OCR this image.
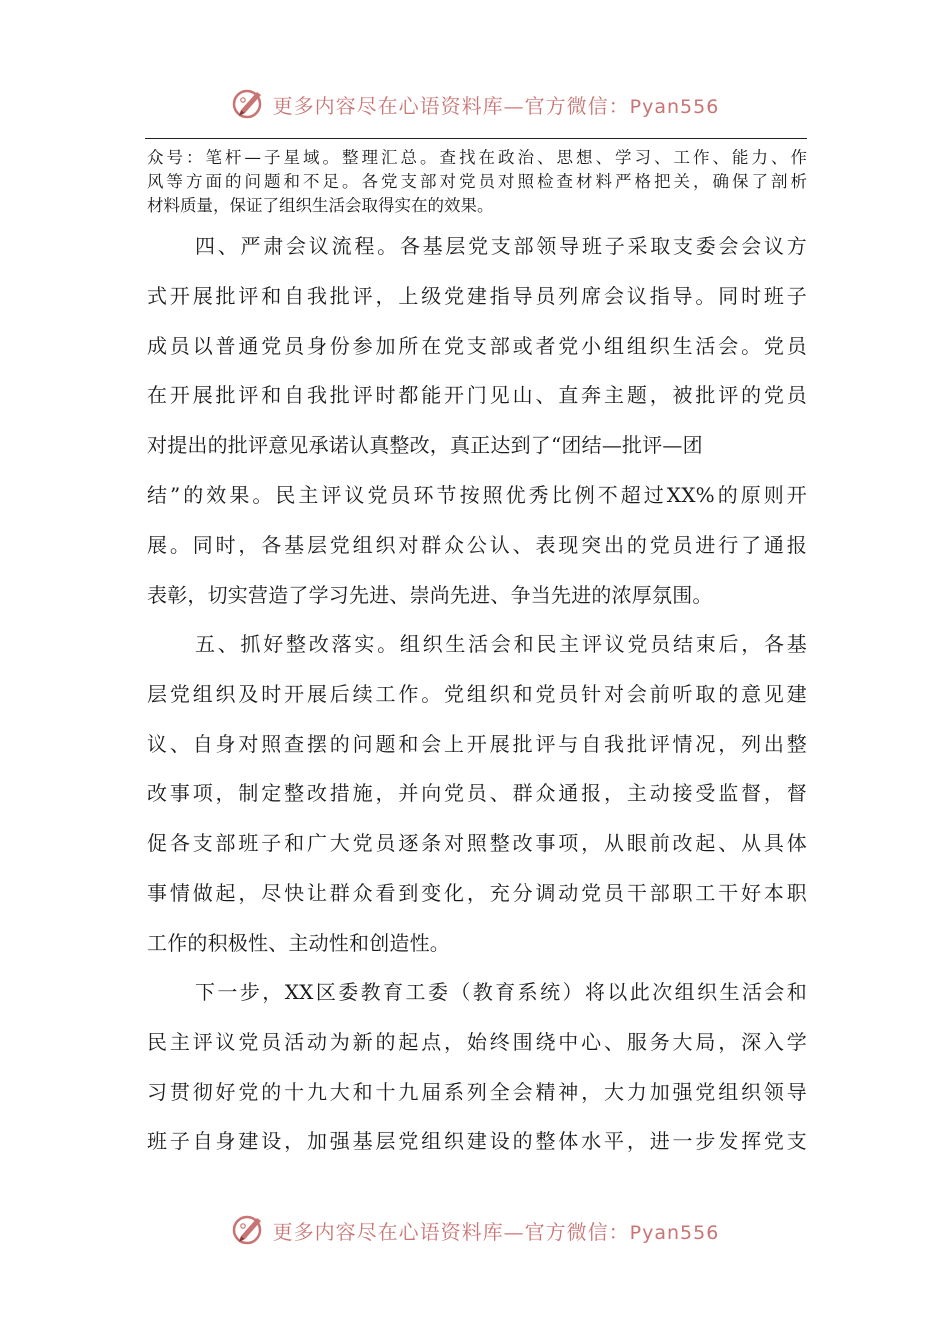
更多内容尽在心语资料库—官方微信：Pyan556
众号：笔杆—子星域。整理汇总。查找在政治、思想、学习、工作、能力、作
风等方面的问题和不足。各党支部对党员对照检查材料严格把关，确保了剖析
材料质量，保证了组织生活会取得实在的效果。
四、严肃会议流程。各基层党支部领导班子采取支委会会议方
式开展批评和自我批评，上级党建指导员列席会议指导。同时班子
成员以普通党员身份参加所在党支部或者党小组组织生活会。党员
在开展批评和自我批评时都能开门见山、直奔主题，被批评的党员
对提出的批评意见承诺认真整改，真正达到了“团结—批评—团
结”的效果。民主评议党员环节按照优秀比例不超过XX%的原则开
展。同时，各基层党组织对群众公认、表现突出的党员进行了通报
表彰，切实营造了学习先进、崇尚先进、争当先进的浓厚氛围。
五、抓好整改落实。组织生活会和民主评议党员结束后，各基
层党组织及时开展后续工作。党组织和党员针对会前听取的意见建
议、自身对照查摆的问题和会上开展批评与自我批评情况，列出整
改事项，制定整改措施，并向党员、群众通报，主动接受监督，督
促各支部班子和广大党员逐条对照整改事项，从眼前改起、从具体
事情做起，尽快让群众看到变化，充分调动党员干部职工干好本职
工作的积极性、主动性和创造性。
下一步，XX区委教育工委（教育系统）将以此次组织生活会和
民主评议党员活动为新的起点，始终围绕中心、服务大局，深入学
习贯彻好党的十九大和十九届系列全会精神，大力加强党组织领导
班子自身建设，加强基层党组织建设的整体水平，进一步发挥党支
更多内容尽在心语资料库—官方微信：Pyan556
